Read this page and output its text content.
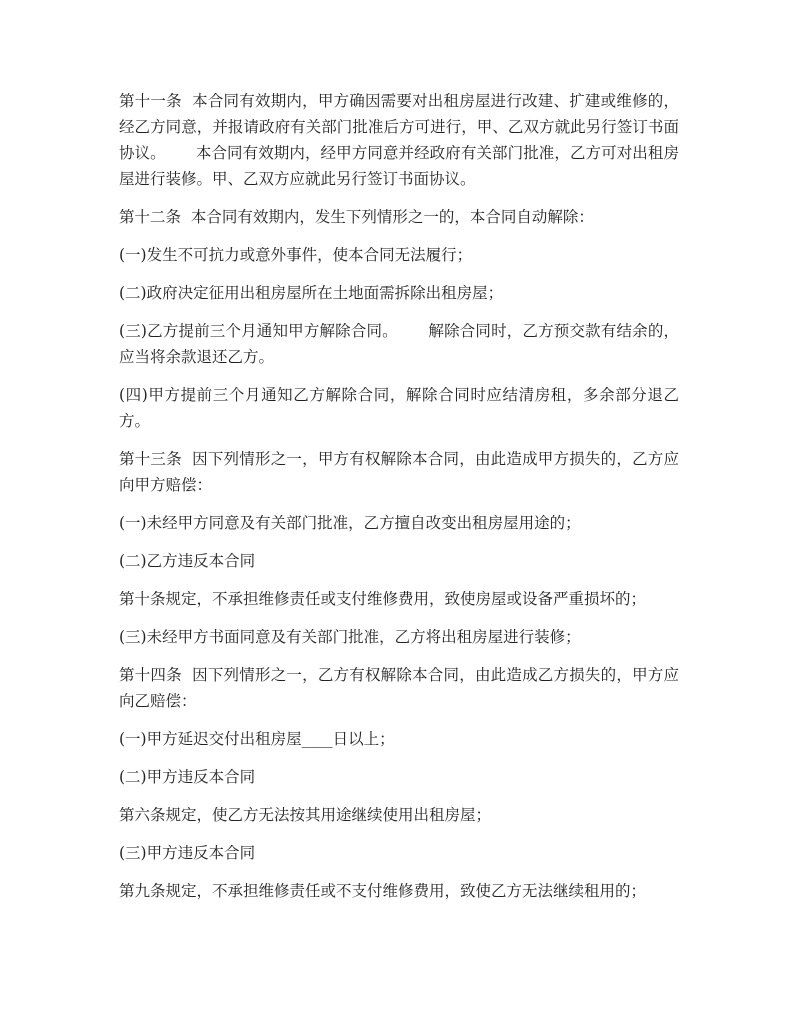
第十一条  本合同有效期内，甲方确因需要对出租房屋进行改建、扩建或维修的，经乙方同意，并报请政府有关部门批准后方可进行，甲、乙双方就此另行签订书面协议。      本合同有效期内，经甲方同意并经政府有关部门批准，乙方可对出租房屋进行装修。甲、乙双方应就此另行签订书面协议。

第十二条  本合同有效期内，发生下列情形之一的，本合同自动解除：

(一)发生不可抗力或意外事件，使本合同无法履行；

(二)政府决定征用出租房屋所在土地面需拆除出租房屋；

(三)乙方提前三个月通知甲方解除合同。      解除合同时，乙方预交款有结余的，应当将余款退还乙方。

(四)甲方提前三个月通知乙方解除合同，解除合同时应结清房租，多余部分退乙方。

第十三条  因下列情形之一，甲方有权解除本合同，由此造成甲方损失的，乙方应向甲方赔偿：

(一)未经甲方同意及有关部门批准，乙方擅自改变出租房屋用途的；

(二)乙方违反本合同

第十条规定，不承担维修责任或支付维修费用，致使房屋或设备严重损坏的；

(三)未经甲方书面同意及有关部门批准，乙方将出租房屋进行装修；

第十四条  因下列情形之一，乙方有权解除本合同，由此造成乙方损失的，甲方应向乙赔偿：

(一)甲方延迟交付出租房屋____日以上；

(二)甲方违反本合同

第六条规定，使乙方无法按其用途继续使用出租房屋；

(三)甲方违反本合同

第九条规定，不承担维修责任或不支付维修费用，致使乙方无法继续租用的；
